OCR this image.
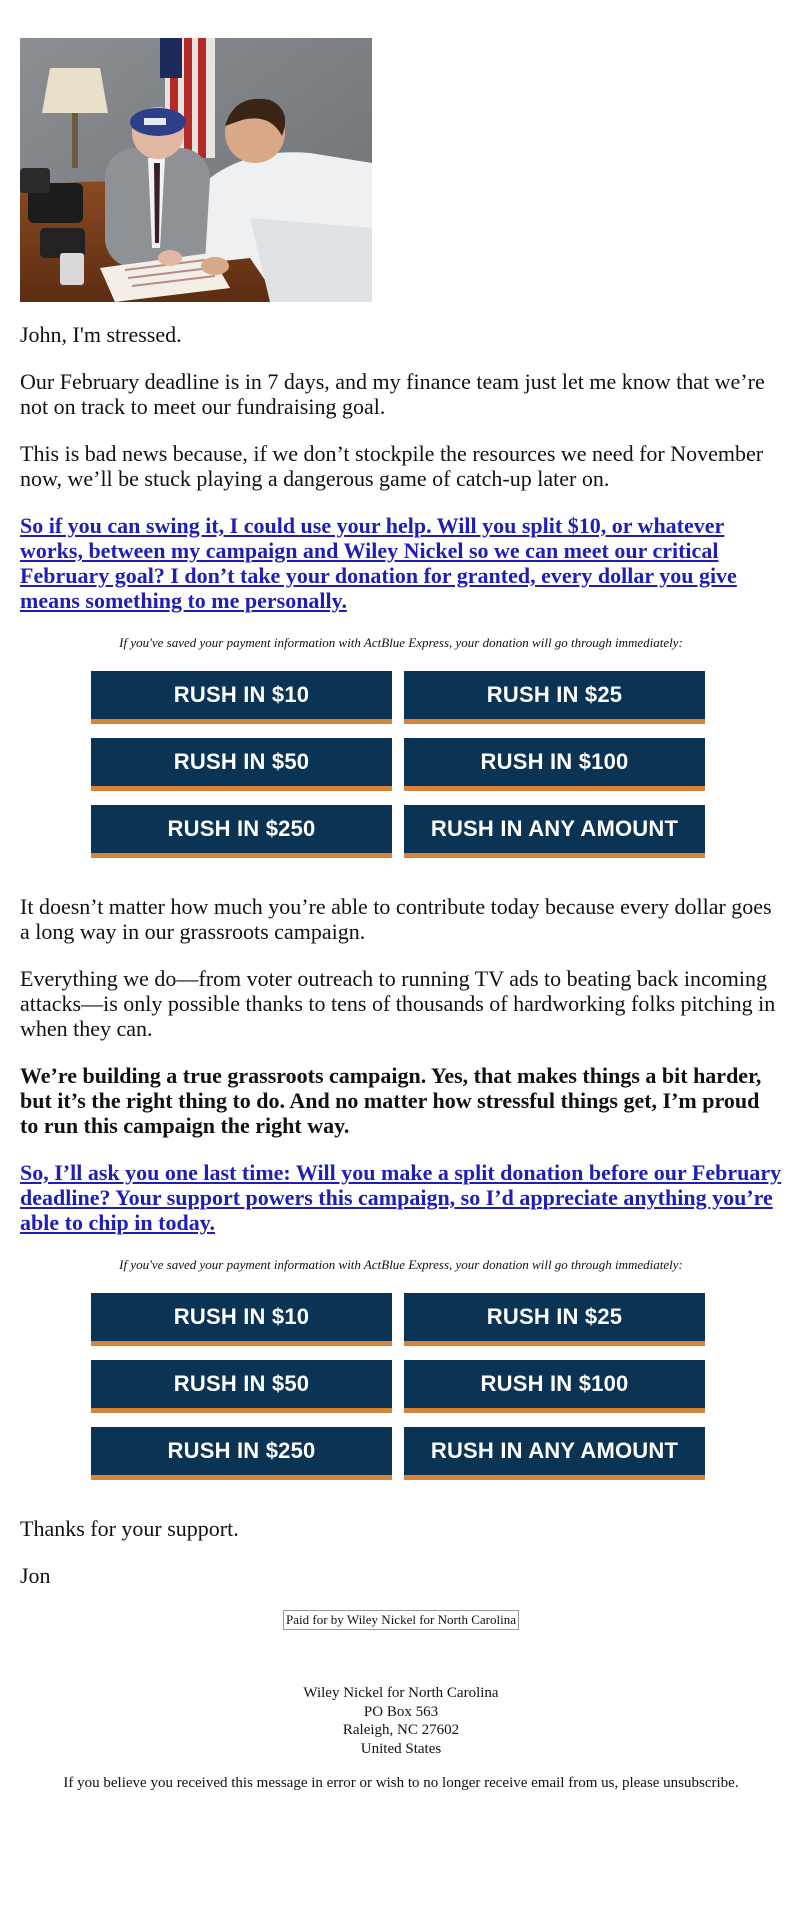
John, I'm stressed.

Our February deadline is in 7 days, and my finance team just let me know that we’re not on track to meet our fundraising goal.

This is bad news because, if we don’t stockpile the resources we need for November now, we’ll be stuck playing a dangerous game of catch-up later on.

So if you can swing it, I could use your help. Will you split $10, or whatever works, between my campaign and Wiley Nickel so we can meet our critical February goal? I don’t take your donation for granted, every dollar you give means something to me personally.

If you've saved your payment information with ActBlue Express, your donation will go through immediately:
RUSH IN $10	RUSH IN $25
RUSH IN $50	RUSH IN $100
RUSH IN $250	RUSH IN ANY AMOUNT

It doesn’t matter how much you’re able to contribute today because every dollar goes a long way in our grassroots campaign.

Everything we do—from voter outreach to running TV ads to beating back incoming attacks—is only possible thanks to tens of thousands of hardworking folks pitching in when they can.

We’re building a true grassroots campaign. Yes, that makes things a bit harder, but it’s the right thing to do. And no matter how stressful things get, I’m proud to run this campaign the right way.

So, I’ll ask you one last time: Will you make a split donation before our February deadline? Your support powers this campaign, so I’d appreciate anything you’re able to chip in today.

If you've saved your payment information with ActBlue Express, your donation will go through immediately:
RUSH IN $10	RUSH IN $25
RUSH IN $50	RUSH IN $100
RUSH IN $250	RUSH IN ANY AMOUNT

Thanks for your support.

Jon

Paid for by Wiley Nickel for North Carolina
Wiley Nickel for North Carolina
PO Box 563
Raleigh, NC 27602
United States
If you believe you received this message in error or wish to no longer receive email from us, please unsubscribe.
